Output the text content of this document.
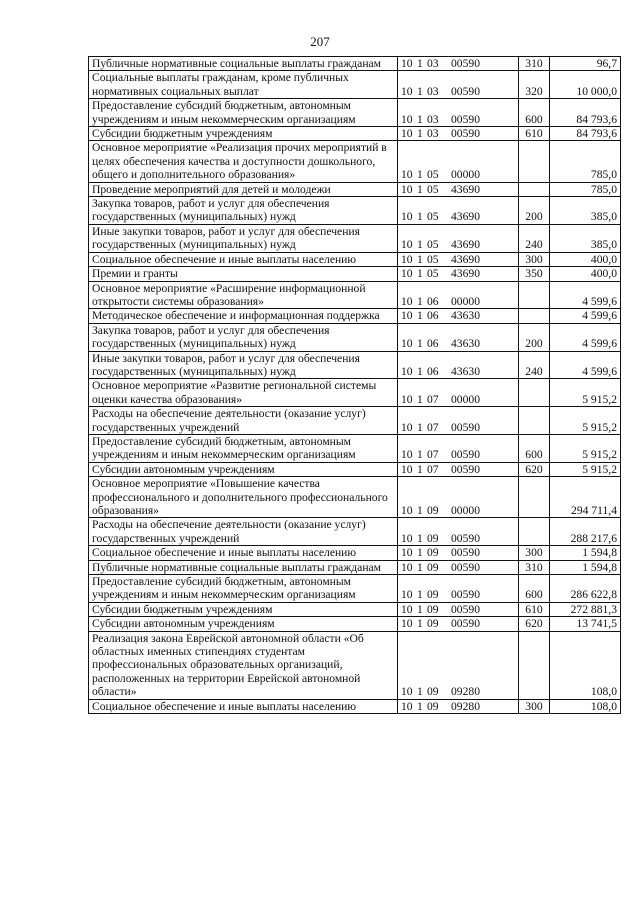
207
Публичные нормативные социальные выплаты гражданам	10 1 03 00590	310	96,7
Социальные выплаты гражданам, кроме публичных нормативных социальных выплат	10 1 03 00590	320	10 000,0
Предоставление субсидий бюджетным, автономным учреждениям и иным некоммерческим организациям	10 1 03 00590	600	84 793,6
Субсидии бюджетным учреждениям	10 1 03 00590	610	84 793,6
Основное мероприятие «Реализация прочих мероприятий в целях обеспечения качества и доступности дошкольного, общего и дополнительного образования»	10 1 05 00000		785,0
Проведение мероприятий для детей и молодежи	10 1 05 43690		785,0
Закупка товаров, работ и услуг для обеспечения государственных (муниципальных) нужд	10 1 05 43690	200	385,0
Иные закупки товаров, работ и услуг для обеспечения государственных (муниципальных) нужд	10 1 05 43690	240	385,0
Социальное обеспечение и иные выплаты населению	10 1 05 43690	300	400,0
Премии и гранты	10 1 05 43690	350	400,0
Основное мероприятие «Расширение информационной открытости системы образования»	10 1 06 00000		4 599,6
Методическое обеспечение и информационная поддержка	10 1 06 43630		4 599,6
Закупка товаров, работ и услуг для обеспечения государственных (муниципальных) нужд	10 1 06 43630	200	4 599,6
Иные закупки товаров, работ и услуг для обеспечения государственных (муниципальных) нужд	10 1 06 43630	240	4 599,6
Основное мероприятие «Развитие региональной системы оценки качества образования»	10 1 07 00000		5 915,2
Расходы на обеспечение деятельности (оказание услуг) государственных учреждений	10 1 07 00590		5 915,2
Предоставление субсидий бюджетным, автономным учреждениям и иным некоммерческим организациям	10 1 07 00590	600	5 915,2
Субсидии автономным учреждениям	10 1 07 00590	620	5 915,2
Основное мероприятие «Повышение качества профессионального и дополнительного профессионального образования»	10 1 09 00000		294 711,4
Расходы на обеспечение деятельности (оказание услуг) государственных учреждений	10 1 09 00590		288 217,6
Социальное обеспечение и иные выплаты населению	10 1 09 00590	300	1 594,8
Публичные нормативные социальные выплаты гражданам	10 1 09 00590	310	1 594,8
Предоставление субсидий бюджетным, автономным учреждениям и иным некоммерческим организациям	10 1 09 00590	600	286 622,8
Субсидии бюджетным учреждениям	10 1 09 00590	610	272 881,3
Субсидии автономным учреждениям	10 1 09 00590	620	13 741,5
Реализация закона Еврейской автономной области «Об областных именных стипендиях студентам профессиональных образовательных организаций, расположенных на территории Еврейской автономной области»	10 1 09 09280		108,0
Социальное обеспечение и иные выплаты населению	10 1 09 09280	300	108,0
